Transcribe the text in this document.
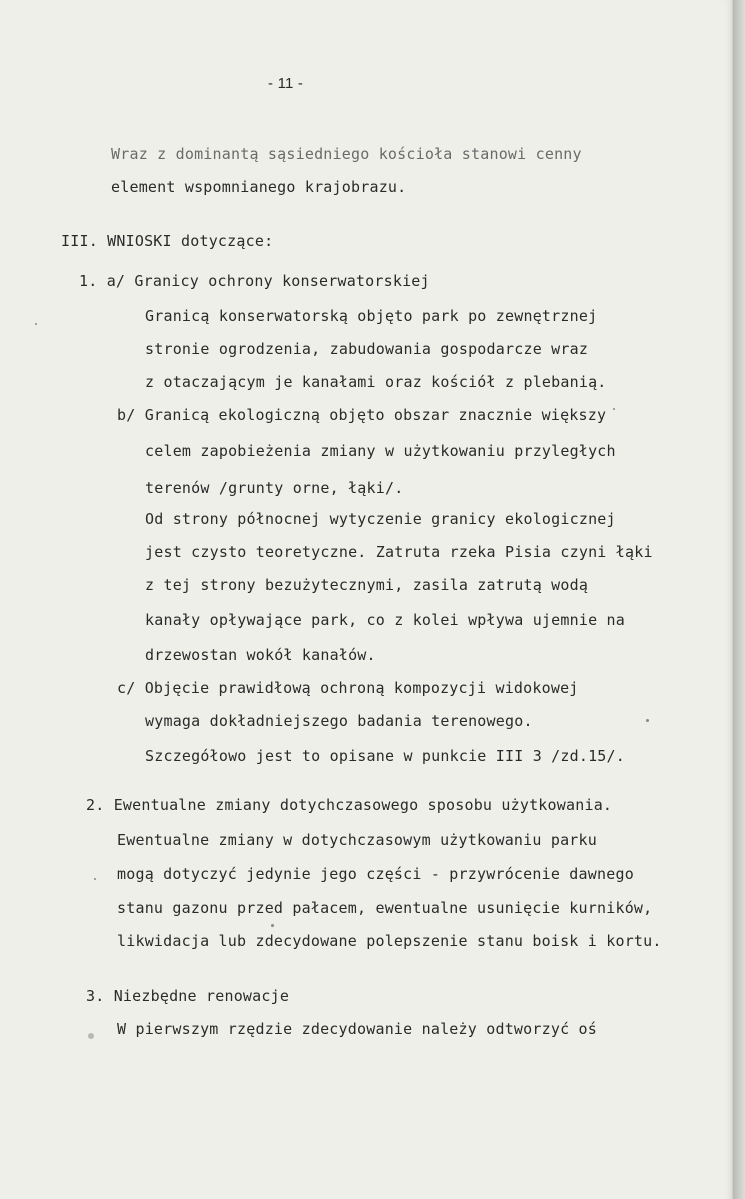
- 11 -
Wraz z dominantą sąsiedniego kościoła stanowi cenny
element wspomnianego krajobrazu.
III. WNIOSKI dotyczące:
1. a/ Granicy ochrony konserwatorskiej
Granicą konserwatorską objęto park po zewnętrznej
stronie ogrodzenia, zabudowania gospodarcze wraz
z otaczającym je kanałami oraz kościół z plebanią.
b/ Granicą ekologiczną objęto obszar znacznie większy
celem zapobieżenia zmiany w użytkowaniu przyległych
terenów /grunty orne, łąki/.
Od strony północnej wytyczenie granicy ekologicznej
jest czysto teoretyczne. Zatruta rzeka Pisia czyni łąki
z tej strony bezużytecznymi, zasila zatrutą wodą
kanały opływające park, co z kolei wpływa ujemnie na
drzewostan wokół kanałów.
c/ Objęcie prawidłową ochroną kompozycji widokowej
wymaga dokładniejszego badania terenowego.
Szczegółowo jest to opisane w punkcie III 3 /zd.15/.
2. Ewentualne zmiany dotychczasowego sposobu użytkowania.
Ewentualne zmiany w dotychczasowym użytkowaniu parku
mogą dotyczyć jedynie jego części - przywrócenie dawnego
stanu gazonu przed pałacem, ewentualne usunięcie kurników,
likwidacja lub zdecydowane polepszenie stanu boisk i kortu.
3. Niezbędne renowacje
W pierwszym rzędzie zdecydowanie należy odtworzyć oś
